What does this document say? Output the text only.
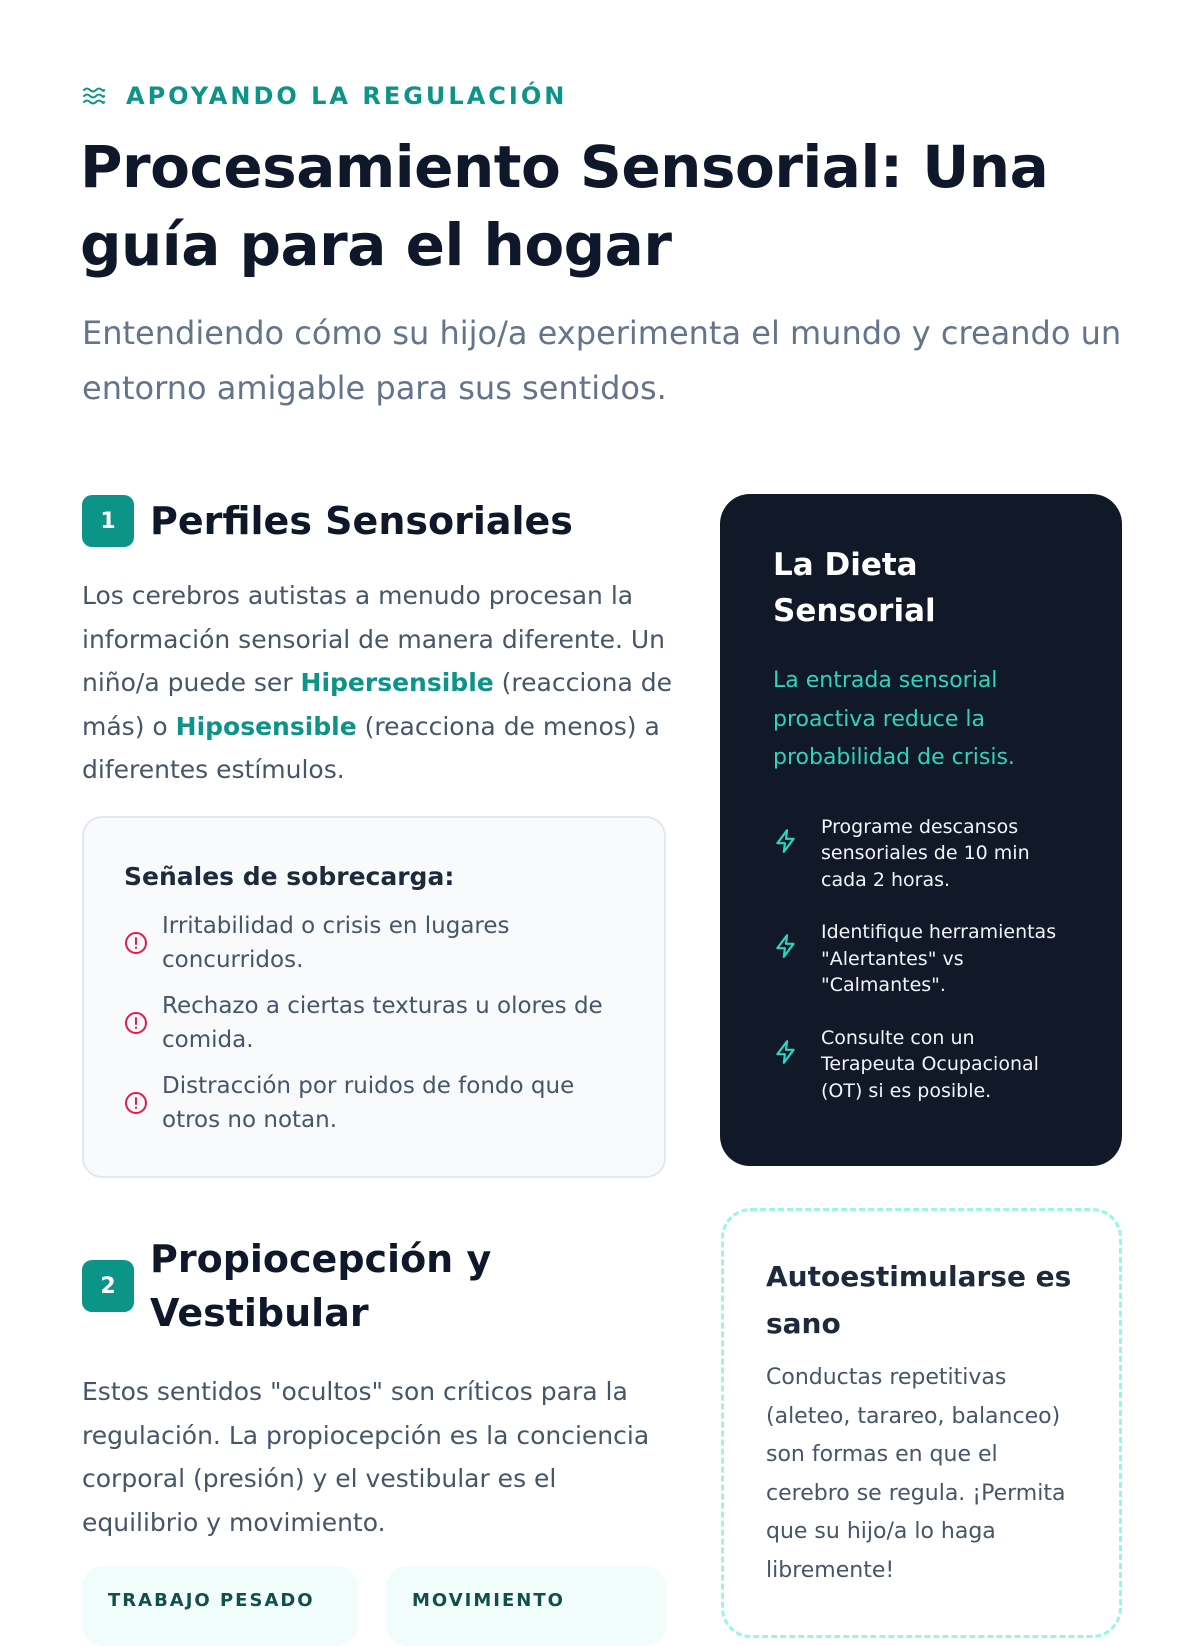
APOYANDO LA REGULACIÓN
Procesamiento Sensorial: Una guía para el hogar

Entendiendo cómo su hijo/a experimenta el mundo y creando un entorno amigable para sus sentidos.

1 Perfiles Sensoriales

Los cerebros autistas a menudo procesan la información sensorial de manera diferente. Un niño/a puede ser Hipersensible (reacciona de más) o Hiposensible (reacciona de menos) a diferentes estímulos.

Señales de sobrecarga:
Irritabilidad o crisis en lugares concurridos.
Rechazo a ciertas texturas u olores de comida.
Distracción por ruidos de fondo que otros no notan.
La Dieta Sensorial

La entrada sensorial proactiva reduce la probabilidad de crisis.

Programe descansos sensoriales de 10 min cada 2 horas.
Identifique herramientas "Alertantes" vs "Calmantes".
Consulte con un Terapeuta Ocupacional (OT) si es posible.
2
Propiocepción y Vestibular

Estos sentidos "ocultos" son críticos para la regulación. La propiocepción es la conciencia corporal (presión) y el vestibular es el equilibrio y movimiento.

TRABAJO PESADO	MOVIMIENTO
Autoestimularse es sano

Conductas repetitivas (aleteo, tarareo, balanceo) son formas en que el cerebro se regula. ¡Permita que su hijo/a lo haga libremente!
